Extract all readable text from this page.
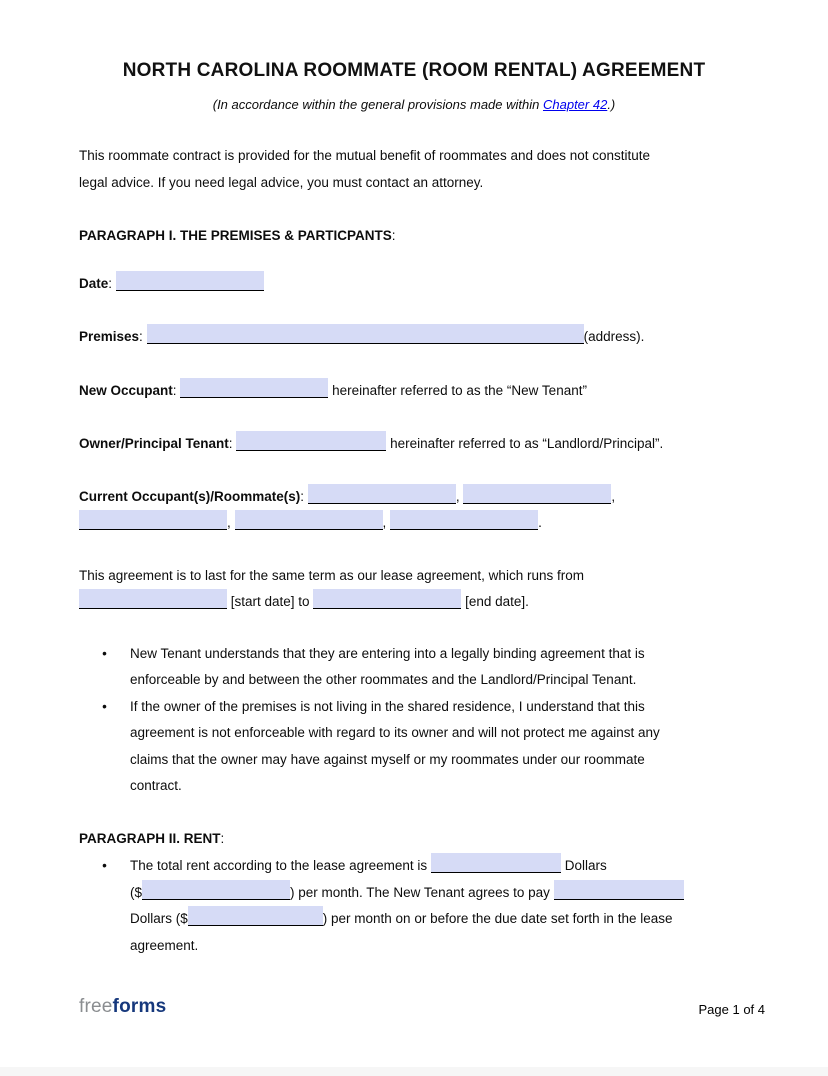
NORTH CAROLINA ROOMMATE (ROOM RENTAL) AGREEMENT
(In accordance within the general provisions made within Chapter 42.)
This roommate contract is provided for the mutual benefit of roommates and does not constitute
legal advice. If you need legal advice, you must contact an attorney.
PARAGRAPH I. THE PREMISES & PARTICPANTS:
Date:
Premises:	(address).
New Occupant:	hereinafter referred to as the “New Tenant”
Owner/Principal Tenant:	hereinafter referred to as “Landlord/Principal”.
Current Occupant(s)/Roommate(s):	,	,
,	,	.
This agreement is to last for the same term as our lease agreement, which runs from
[start date] to	[end date].
•	New Tenant understands that they are entering into a legally binding agreement that is
enforceable by and between the other roommates and the Landlord/Principal Tenant.
•	If the owner of the premises is not living in the shared residence, I understand that this
agreement is not enforceable with regard to its owner and will not protect me against any
claims that the owner may have against myself or my roommates under our roommate
contract.
PARAGRAPH II. RENT:
•	The total rent according to the lease agreement is	Dollars
($	) per month. The New Tenant agrees to pay
Dollars ($	) per month on or before the due date set forth in the lease
agreement.
freeforms	Page 1 of 4
